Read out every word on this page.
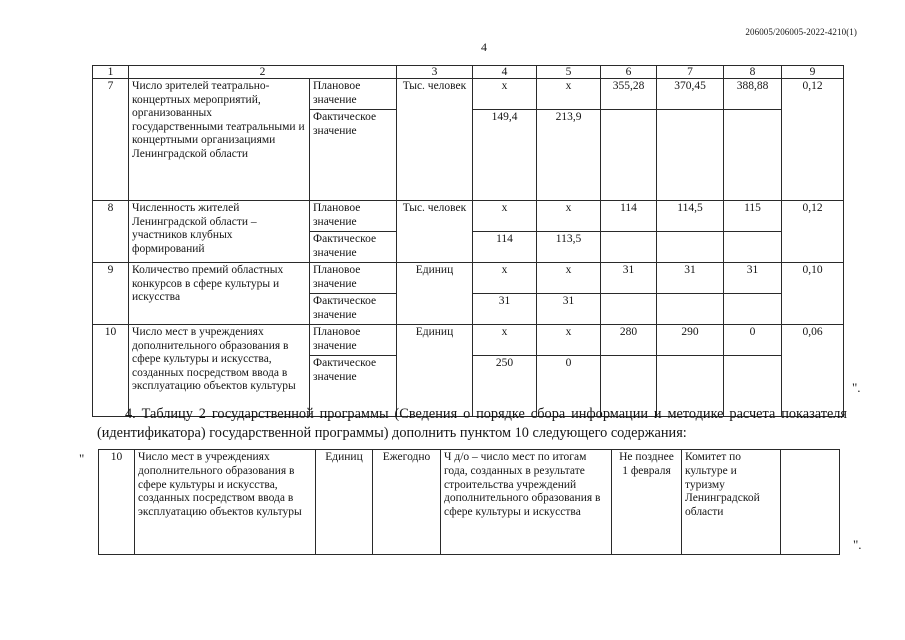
206005/206005-2022-4210(1)
4
1	2		3	4	5	6	7	8	9
7	Число зрителей театрально-концертных мероприятий, организованных государственными театральными и концертными организациями Ленинградской области	Плановое значение	Тыс. человек	x	x	355,28	370,45	388,88	0,12
		Фактическое значение		149,4	213,9				
8	Численность жителей Ленинградской области – участников клубных формирований	Плановое значение	Тыс. человек	x	x	114	114,5	115	0,12
		Фактическое значение		114	113,5				
9	Количество премий областных конкурсов в сфере культуры и искусства	Плановое значение	Единиц	x	x	31	31	31	0,10
		Фактическое значение		31	31				
10	Число мест в учреждениях дополнительного образования в сфере культуры и искусства, созданных посредством ввода в эксплуатацию объектов культуры	Плановое значение	Единиц	x	x	280	290	0	0,06
		Фактическое значение		250	0				
".

4. Таблицу 2 государственной программы (Сведения о порядке сбора информации и методике расчета показателя (идентификатора) государственной программы) дополнить пунктом 10 следующего содержания:

" 10	Число мест в учреждениях дополнительного образования в сфере культуры и искусства, созданных посредством ввода в эксплуатацию объектов культуры	Единиц	Ежегодно	Ч д/о – число мест по итогам года, созданных в результате строительства учреждений дополнительного образования в сфере культуры и искусства	Не позднее 1 февраля	Комитет по культуре и туризму Ленинградской области	
".
